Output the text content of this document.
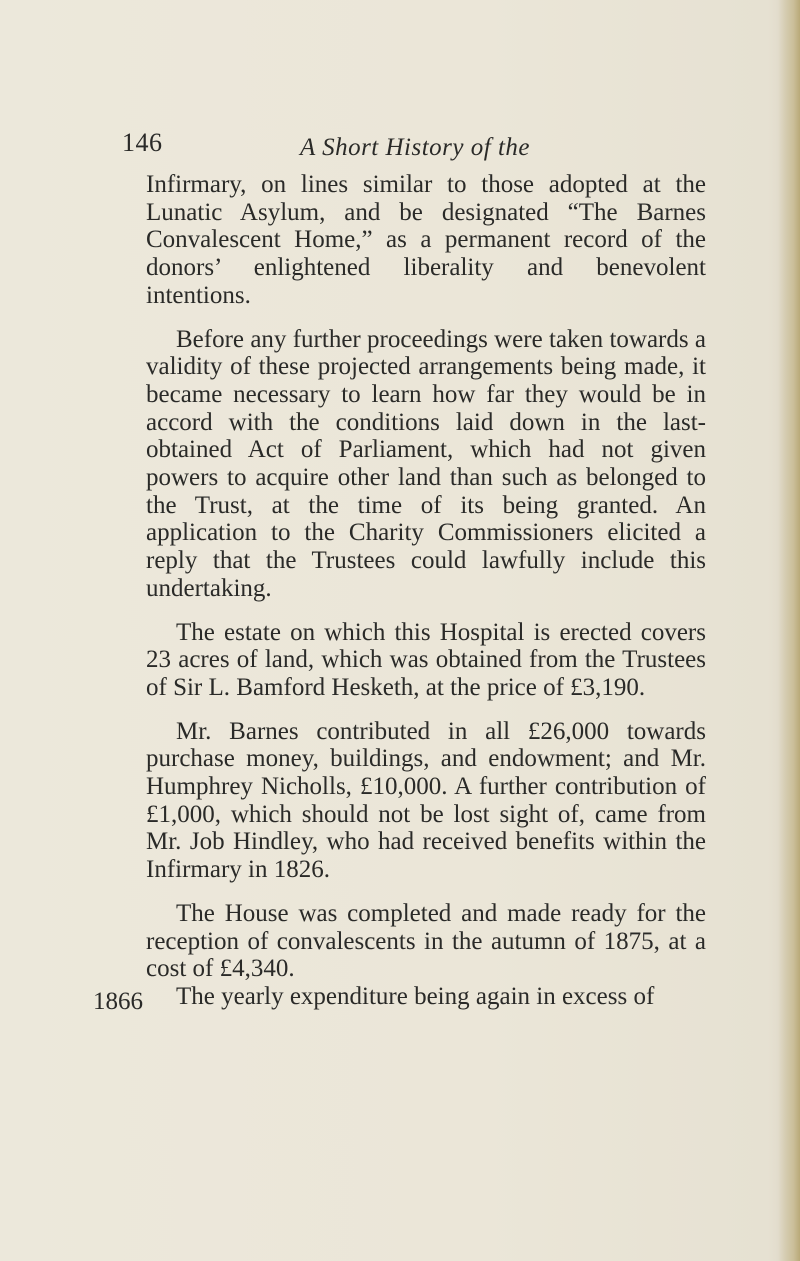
146	A Short History of the

Infirmary, on lines similar to those adopted at the Lunatic Asylum, and be designated “The Barnes Convalescent Home,” as a permanent record of the donors’ enlightened liberality and benevolent intentions.

Before any further proceedings were taken towards a validity of these projected arrangements being made, it became necessary to learn how far they would be in accord with the conditions laid down in the last-obtained Act of Parliament, which had not given powers to acquire other land than such as belonged to the Trust, at the time of its being granted. An application to the Charity Commissioners elicited a reply that the Trustees could lawfully include this undertaking.

The estate on which this Hospital is erected covers 23 acres of land, which was obtained from the Trustees of Sir L. Bamford Hesketh, at the price of £3,190.

Mr. Barnes contributed in all £26,000 towards purchase money, buildings, and endowment; and Mr. Humphrey Nicholls, £10,000. A further contribution of £1,000, which should not be lost sight of, came from Mr. Job Hindley, who had received benefits within the Infirmary in 1826.

The House was completed and made ready for the reception of convalescents in the autumn of 1875, at a cost of £4,340.

The yearly expenditure being again in excess of

1866
